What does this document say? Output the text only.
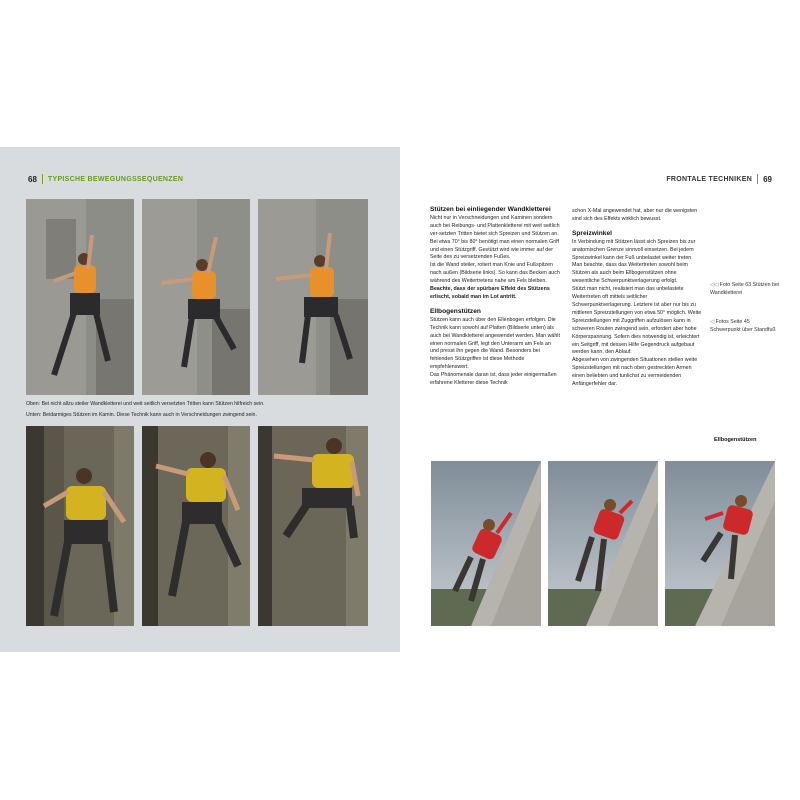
68 TYPISCHE BEWEGUNGSSEQUENZEN
Oben: Bei nicht allzu steiler Wandkletterei und weit seitlich versetzten Tritten kann Stützen hilfreich sein.
Unten: Beidarmiges Stützen im Kamin. Diese Technik kann auch in Verschneidungen zwingend sein.
FRONTALE TECHNIKEN 69
Stützen bei einliegender Wandkletterei

Nicht nur in Verschneidungen und Kaminen sondern auch bei Reibungs- und Plattenkletterei mit weit seitlich ver-setzten Tritten bietet sich Spreizen und Stützen an. Bei etwa 70° bis 80° benötigt man einen normalen Griff und einen Stützgriff. Gestützt wird wie immer auf der Seite des zu versetzenden Fußes.

Ist die Wand steiler, rotiert man Knie und Fußspitzen nach außen (Bildserie links). So kann das Becken auch während des Weitertretens nahe am Fels bleiben.

Beachte, dass der spürbare Effekt des Stützens erlischt, sobald man im Lot antritt.

Ellbogenstützen

Stützen kann auch über den Ellenbogen erfolgen. Die Technik kann sowohl auf Platten (Bildserie unten) als auch bei Wandkletterei angewendet werden. Man wählt einen normalen Griff, legt den Unterarm am Fels an und presst ihn gegen die Wand. Besonders bei fehlenden Stützgriffen ist diese Methode empfehlenswert.

Das Phänomenale daran ist, dass jeder einigermaßen erfahrene Kletterer diese Technik

schon X-Mal angewendet hat, aber nur die wenigsten sind sich des Effekts wirklich bewusst.

Spreizwinkel

In Verbindung mit Stützen lässt sich Spreizen bis zur anatomischen Grenze sinnvoll einsetzen. Bei jedem Spreizwinkel kann der Fuß unbelastet weiter treten.

Man beachte, dass das Weitertreten sowohl beim Stützen als auch beim Ellbogenstützen ohne wesentliche Schwerpunktverlagerung erfolgt.

Stützt man nicht, realisiert man das unbelastete Weitertreten oft mittels seitlicher Schwerpunktverlagerung. Letztere ist aber nur bis zu mittleren Spreizstellungen von etwa 50° möglich. Weite Spreizstellungen mit Zuggriffen aufzulösen kann in schweren Routen zwingend sein, erfordert aber hohe Körperspannung. Sofern dies notwendig ist, erleichtert ein Seitgriff, mit dessen Hilfe Gegendruck aufgebaut werden kann, den Ablauf.

Abgesehen von zwingenden Situationen stellen weite Spreizstellungen mit nach oben gestreckten Armen einen beliebten und tunlichst zu vermeidenden Anfängerfehler dar.

◁◁ Foto Seite 63 Stützen bei Wandkletterei
◁ Fotos Seite 45 Schwerpunkt über Standfuß
Ellbogenstützen
